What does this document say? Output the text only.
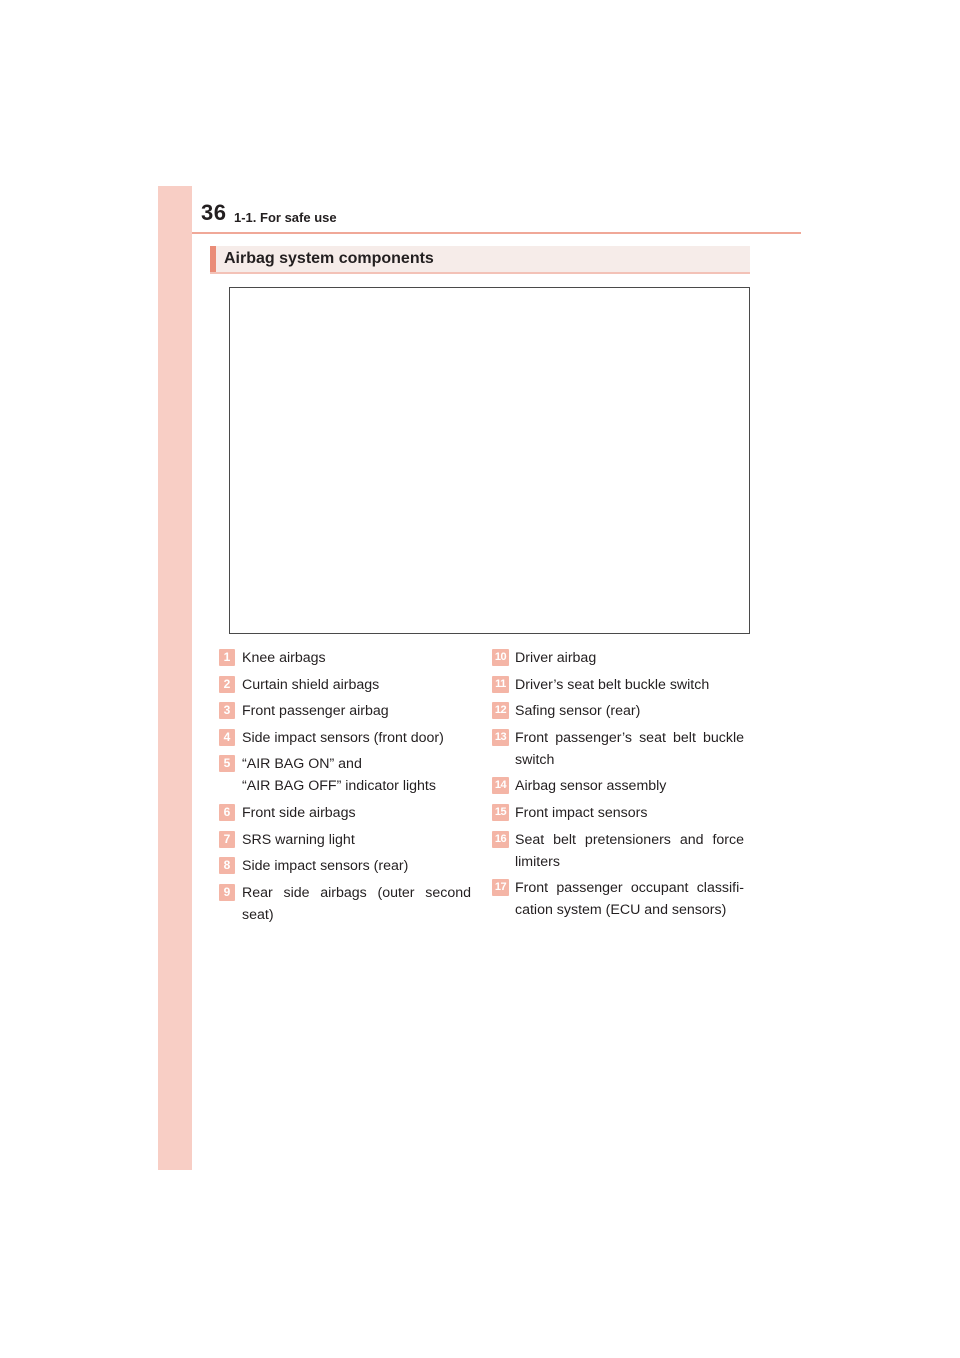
36 1-1. For safe use
Airbag system components
1 Knee airbags
2 Curtain shield airbags
3 Front passenger airbag
4 Side impact sensors (front door)
5 “AIR BAG ON” and
“AIR BAG OFF” indicator lights
6 Front side airbags
7 SRS warning light
8 Side impact sensors (rear)
9 Rear side airbags (outer second
seat)
10 Driver airbag
11 Driver’s seat belt buckle switch
12 Safing sensor (rear)
13 Front passenger’s seat belt buckle
switch
14 Airbag sensor assembly
15 Front impact sensors
16 Seat belt pretensioners and force
limiters
17 Front passenger occupant classifi-
cation system (ECU and sensors)
